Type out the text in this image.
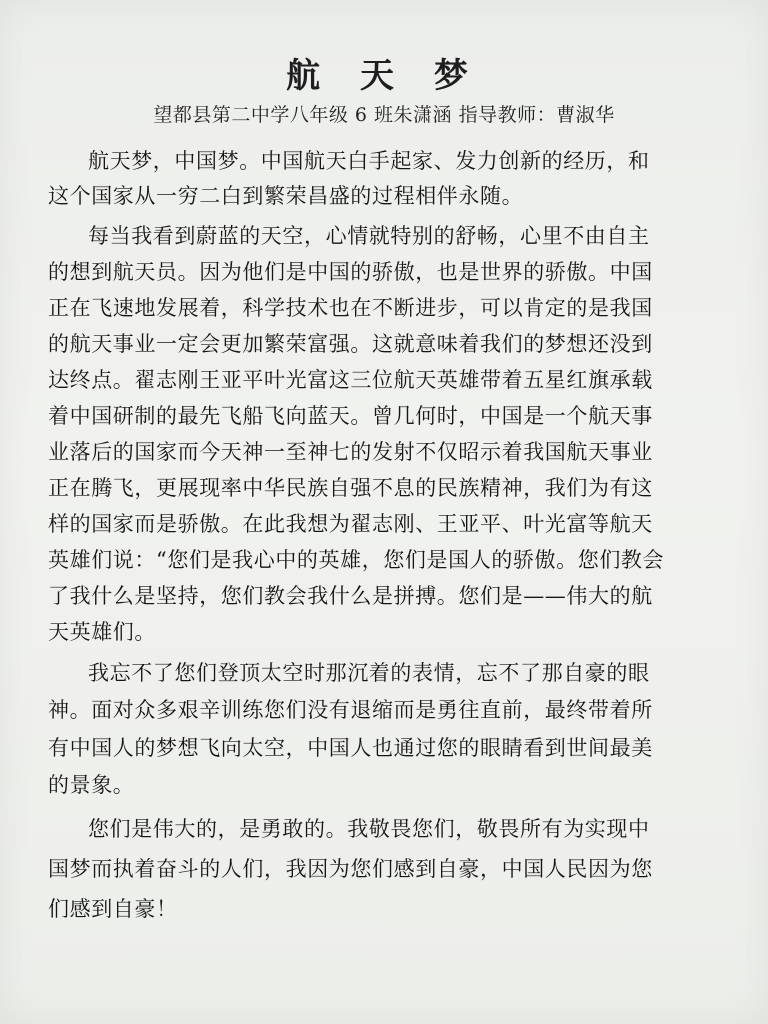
航 天 梦
望都县第二中学八年级 6 班朱潇涵 指导教师：曹淑华
航天梦，中国梦。中国航天白手起家、发力创新的经历，和
这个国家从一穷二白到繁荣昌盛的过程相伴永随。
每当我看到蔚蓝的天空，心情就特别的舒畅，心里不由自主
的想到航天员。因为他们是中国的骄傲，也是世界的骄傲。中国
正在飞速地发展着，科学技术也在不断进步，可以肯定的是我国
的航天事业一定会更加繁荣富强。这就意味着我们的梦想还没到
达终点。翟志刚王亚平叶光富这三位航天英雄带着五星红旗承载
着中国研制的最先飞船飞向蓝天。曾几何时，中国是一个航天事
业落后的国家而今天神一至神七的发射不仅昭示着我国航天事业
正在腾飞，更展现率中华民族自强不息的民族精神，我们为有这
样的国家而是骄傲。在此我想为翟志刚、王亚平、叶光富等航天
英雄们说：“您们是我心中的英雄，您们是国人的骄傲。您们教会
了我什么是坚持，您们教会我什么是拼搏。您们是——伟大的航
天英雄们。
我忘不了您们登顶太空时那沉着的表情，忘不了那自豪的眼
神。面对众多艰辛训练您们没有退缩而是勇往直前，最终带着所
有中国人的梦想飞向太空，中国人也通过您的眼睛看到世间最美
的景象。
您们是伟大的，是勇敢的。我敬畏您们，敬畏所有为实现中
国梦而执着奋斗的人们，我因为您们感到自豪，中国人民因为您
们感到自豪！
